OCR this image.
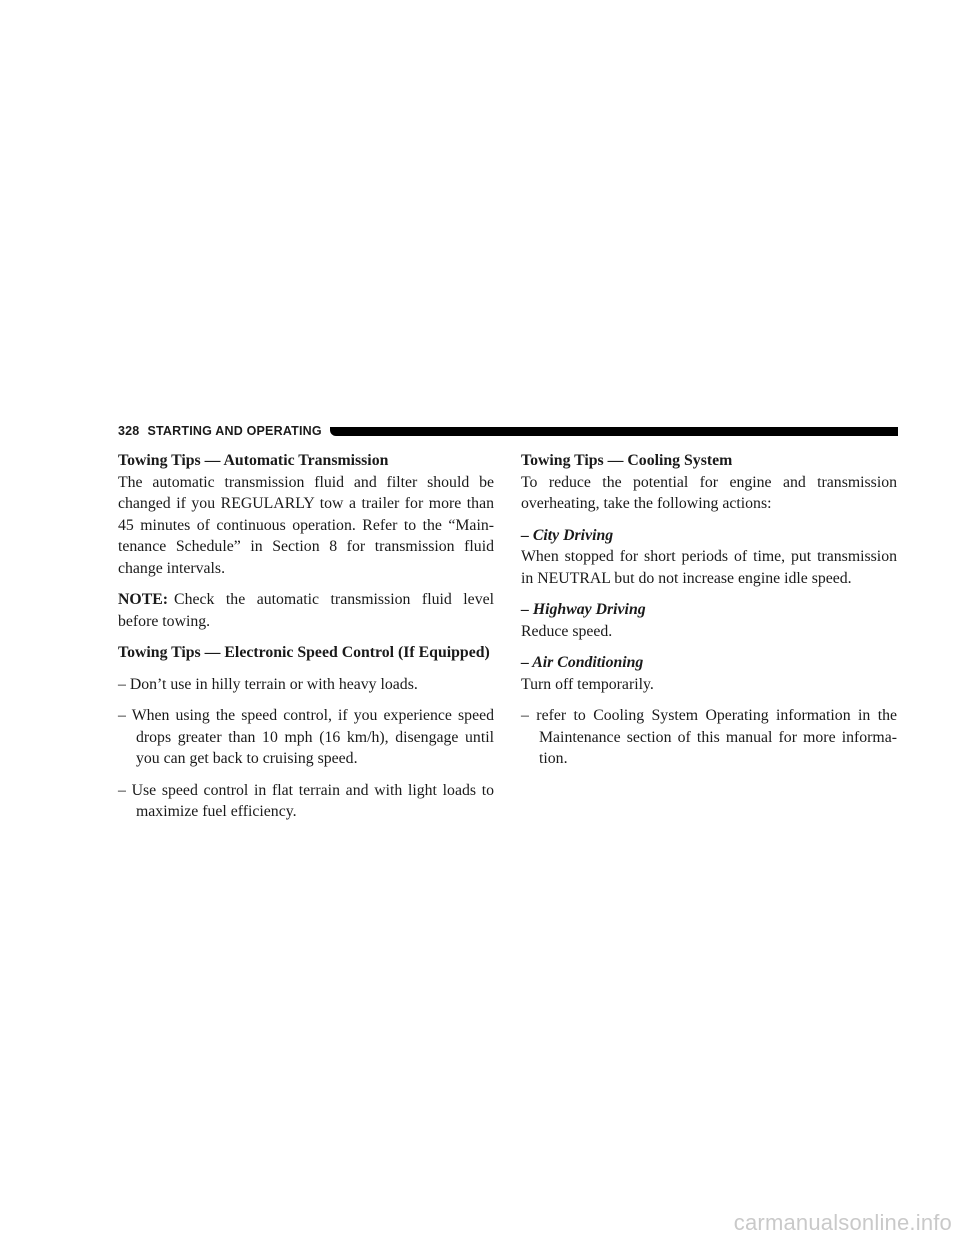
328 STARTING AND OPERATING

Towing Tips — Automatic Transmission

The automatic transmission fluid and filter should be changed if you REGULARLY tow a trailer for more than 45 minutes of continuous operation. Refer to the “Main-tenance Schedule” in Section 8 for transmission fluid change intervals.

NOTE: Check the automatic transmission fluid level before towing.

Towing Tips — Electronic Speed Control (If Equipped)

– Don’t use in hilly terrain or with heavy loads.

– When using the speed control, if you experience speed drops greater than 10 mph (16 km/h), disengage until you can get back to cruising speed.

– Use speed control in flat terrain and with light loads to maximize fuel efficiency.

Towing Tips — Cooling System

To reduce the potential for engine and transmission overheating, take the following actions:

– City Driving

When stopped for short periods of time, put transmission in NEUTRAL but do not increase engine idle speed.

– Highway Driving

Reduce speed.

– Air Conditioning

Turn off temporarily.

– refer to Cooling System Operating information in the Maintenance section of this manual for more informa-tion.

carmanualsonline.info
